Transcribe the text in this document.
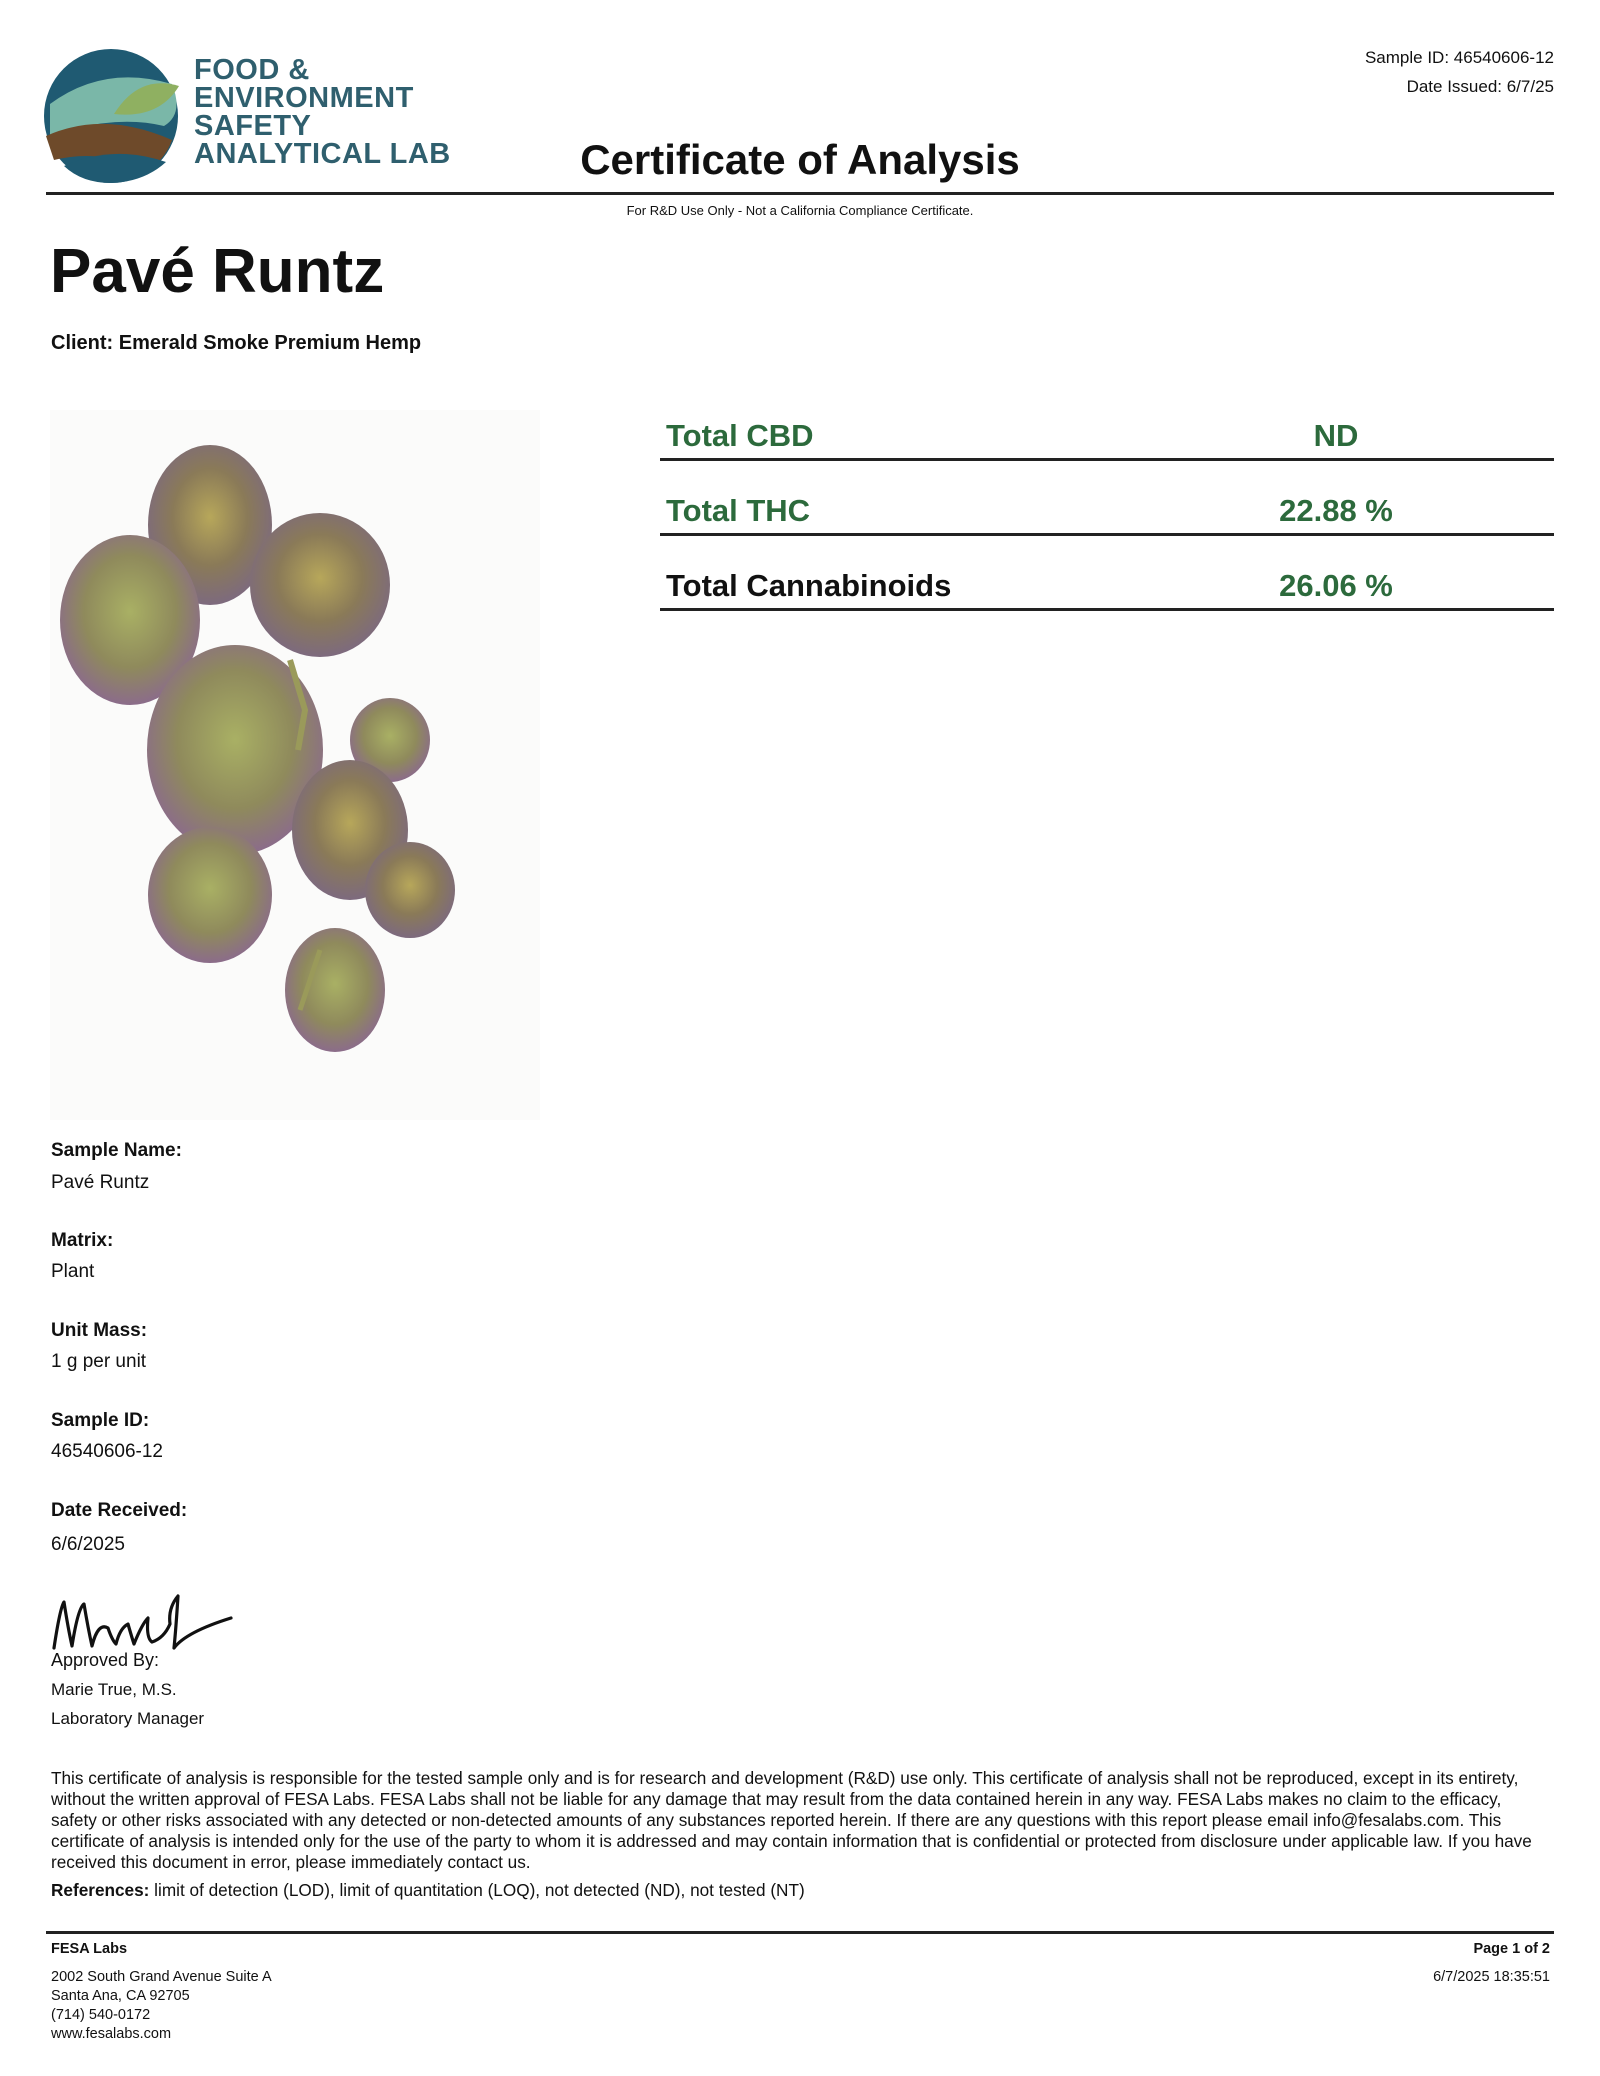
FOOD &
ENVIRONMENT
SAFETY
ANALYTICAL LAB
Sample ID: 46540606-12
Date Issued: 6/7/25
Certificate of Analysis
For R&D Use Only - Not a California Compliance Certificate.
Pavé Runtz
Client: Emerald Smoke Premium Hemp
Total CBD	ND
Total THC	22.88 %
Total Cannabinoids	26.06 %
Sample Name:
Pavé Runtz
Matrix:
Plant
Unit Mass:
1 g per unit
Sample ID:
46540606-12
Date Received:
6/6/2025
Approved By:
Marie True, M.S.
Laboratory Manager
This certificate of analysis is responsible for the tested sample only and is for research and development (R&D) use only. This certificate of analysis shall not be reproduced, except in its entirety, without the written approval of FESA Labs. FESA Labs shall not be liable for any damage that may result from the data contained herein in any way. FESA Labs makes no claim to the efficacy, safety or other risks associated with any detected or non-detected amounts of any substances reported herein. If there are any questions with this report please email info@fesalabs.com. This certificate of analysis is intended only for the use of the party to whom it is addressed and may contain information that is confidential or protected from disclosure under applicable law. If you have received this document in error, please immediately contact us.
References: limit of detection (LOD), limit of quantitation (LOQ), not detected (ND), not tested (NT)
FESA Labs
2002 South Grand Avenue Suite A
Santa Ana, CA 92705
(714) 540-0172
www.fesalabs.com
Page 1 of 2
6/7/2025 18:35:51
